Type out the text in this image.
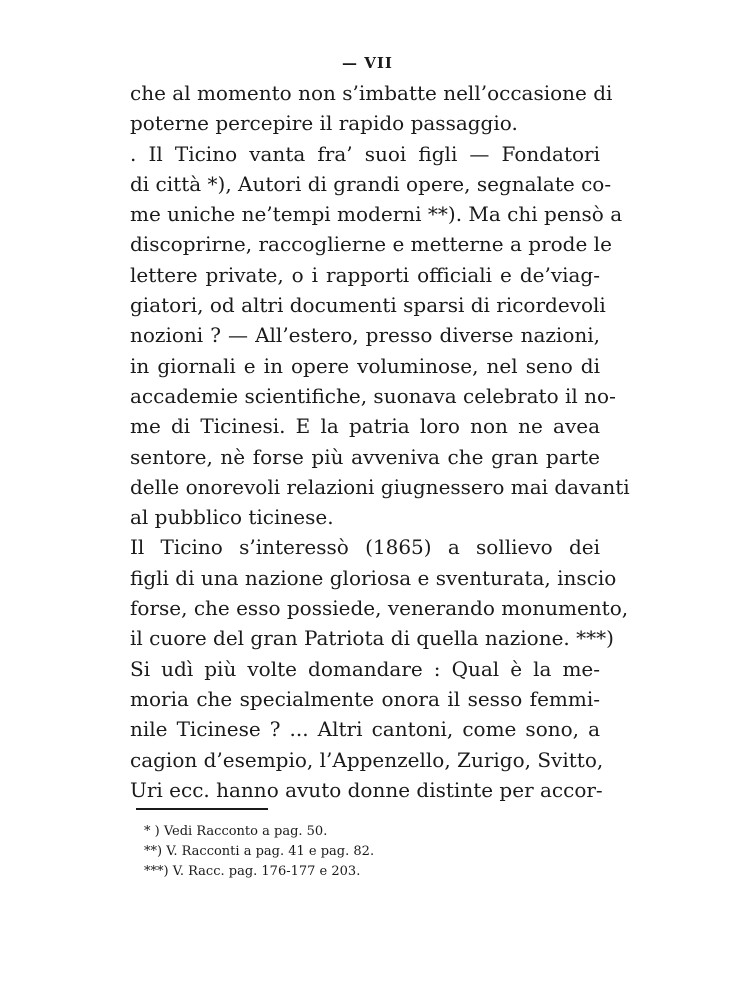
— VII
che al momento non s’imbatte nell’occasione di
poterne percepire il rapido passaggio.
. Il Ticino vanta fra’ suoi figli — Fondatori
di città *), Autori di grandi opere, segnalate co-
me uniche ne’tempi moderni **). Ma chi pensò a
discoprirne, raccoglierne e metterne a prode le
lettere private, o i rapporti officiali e de’viag-
giatori, od altri documenti sparsi di ricordevoli
nozioni ? — All’estero, presso diverse nazioni,
in giornali e in opere voluminose, nel seno di
accademie scientifiche, suonava celebrato il no-
me di Ticinesi. E la patria loro non ne avea
sentore, nè forse più avveniva che gran parte
delle onorevoli relazioni giugnessero mai davanti
al pubblico ticinese.
Il Ticino s’interessò (1865) a sollievo dei
figli di una nazione gloriosa e sventurata, inscio
forse, che esso possiede, venerando monumento,
il cuore del gran Patriota di quella nazione. ***)
Si udì più volte domandare : Qual è la me-
moria che specialmente onora il sesso femmi-
nile Ticinese ? ... Altri cantoni, come sono, a
cagion d’esempio, l’Appenzello, Zurigo, Svitto,
Uri ecc. hanno avuto donne distinte per accor-
* ) Vedi Racconto a pag. 50.
**) V. Racconti a pag. 41 e pag. 82.
***) V. Racc. pag. 176-177 e 203.
